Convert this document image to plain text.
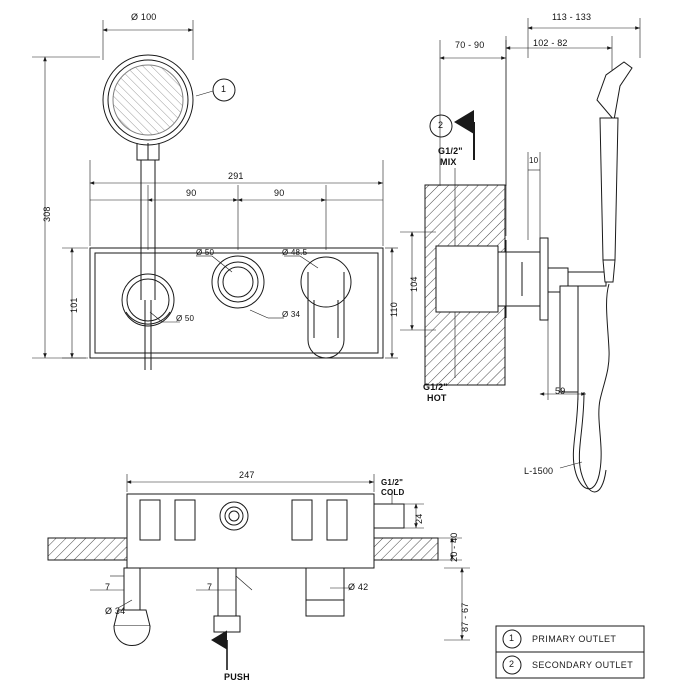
Ø 100
308
291
90	90
101	110
Ø 50	Ø 48.5
Ø 50	Ø 34
1
113 - 133
102 - 82
70 - 90
104
10
59
G1/2"
MIX
G1/2"
HOT
L-1500
2
247
G1/2"
COLD
24
20 - 40
87 - 67
Ø 42
Ø 34
7	7
PUSH
1 PRIMARY OUTLET
2 SECONDARY OUTLET
